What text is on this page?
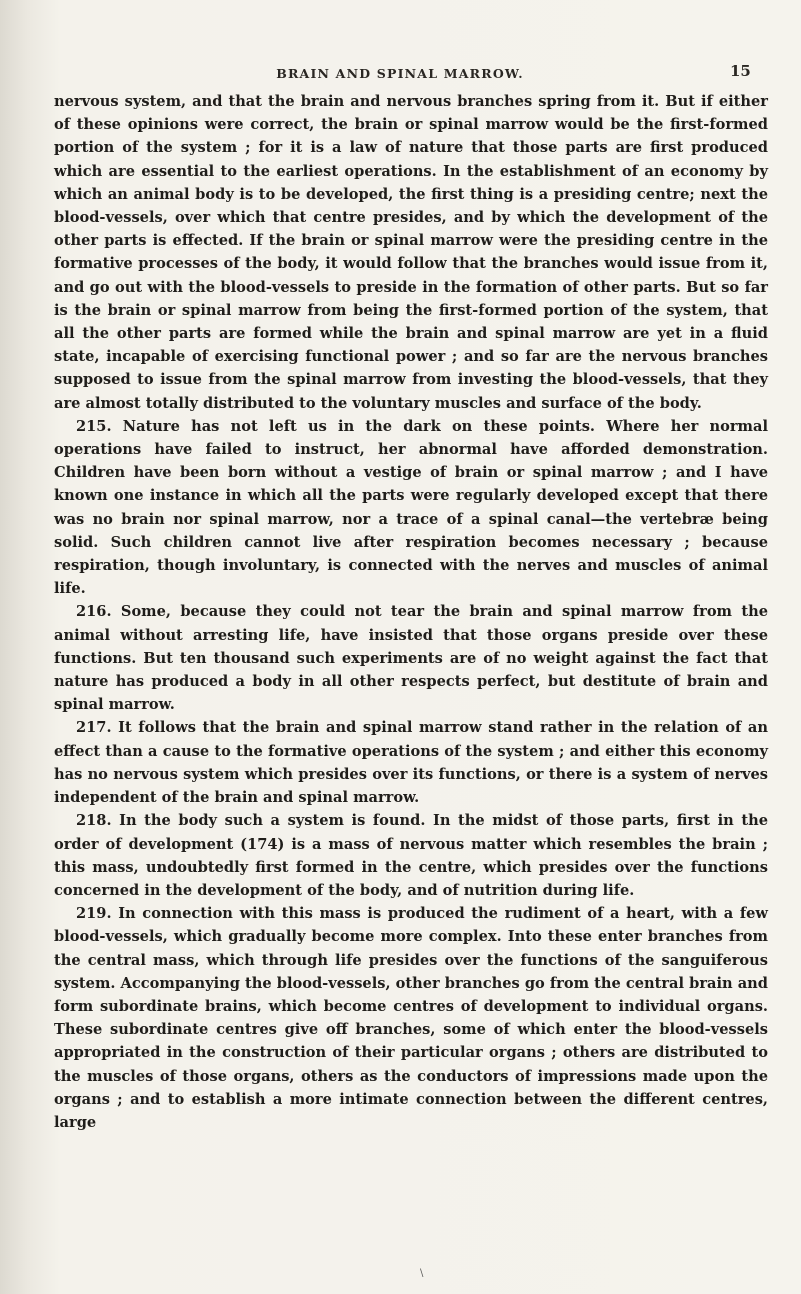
BRAIN AND SPINAL MARROW.	15

nervous system, and that the brain and nervous branches spring from it. But if either of these opinions were correct, the brain or spinal marrow would be the first-formed portion of the system ; for it is a law of nature that those parts are first produced which are essential to the earliest operations. In the establishment of an economy by which an animal body is to be developed, the first thing is a presiding centre; next the blood-vessels, over which that centre presides, and by which the development of the other parts is effected. If the brain or spinal marrow were the presiding centre in the formative processes of the body, it would follow that the branches would issue from it, and go out with the blood-vessels to preside in the formation of other parts. But so far is the brain or spinal marrow from being the first-formed portion of the system, that all the other parts are formed while the brain and spinal marrow are yet in a fluid state, incapable of exercising functional power ; and so far are the nervous branches supposed to issue from the spinal marrow from investing the blood-vessels, that they are almost totally distributed to the voluntary muscles and surface of the body.

215. Nature has not left us in the dark on these points. Where her normal operations have failed to instruct, her abnormal have afforded demonstration. Children have been born without a vestige of brain or spinal marrow ; and I have known one instance in which all the parts were regularly developed except that there was no brain nor spinal marrow, nor a trace of a spinal canal—the vertebræ being solid. Such children cannot live after respiration becomes necessary ; because respiration, though involuntary, is connected with the nerves and muscles of animal life.

216. Some, because they could not tear the brain and spinal marrow from the animal without arresting life, have insisted that those organs preside over these functions. But ten thousand such experiments are of no weight against the fact that nature has produced a body in all other respects perfect, but destitute of brain and spinal marrow.

217. It follows that the brain and spinal marrow stand rather in the relation of an effect than a cause to the formative operations of the system ; and either this economy has no nervous system which presides over its functions, or there is a system of nerves independent of the brain and spinal marrow.

218. In the body such a system is found. In the midst of those parts, first in the order of development (174) is a mass of nervous matter which resembles the brain ; this mass, undoubtedly first formed in the centre, which presides over the functions concerned in the development of the body, and of nutrition during life.

219. In connection with this mass is produced the rudiment of a heart, with a few blood-vessels, which gradually become more complex. Into these enter branches from the central mass, which through life presides over the functions of the sanguiferous system. Accompanying the blood-vessels, other branches go from the central brain and form subordinate brains, which become centres of development to individual organs. These subordinate centres give off branches, some of which enter the blood-vessels appropriated in the construction of their particular organs ; others are distributed to the muscles of those organs, others as the conductors of impressions made upon the organs ; and to establish a more intimate connection between the different centres, large

\
